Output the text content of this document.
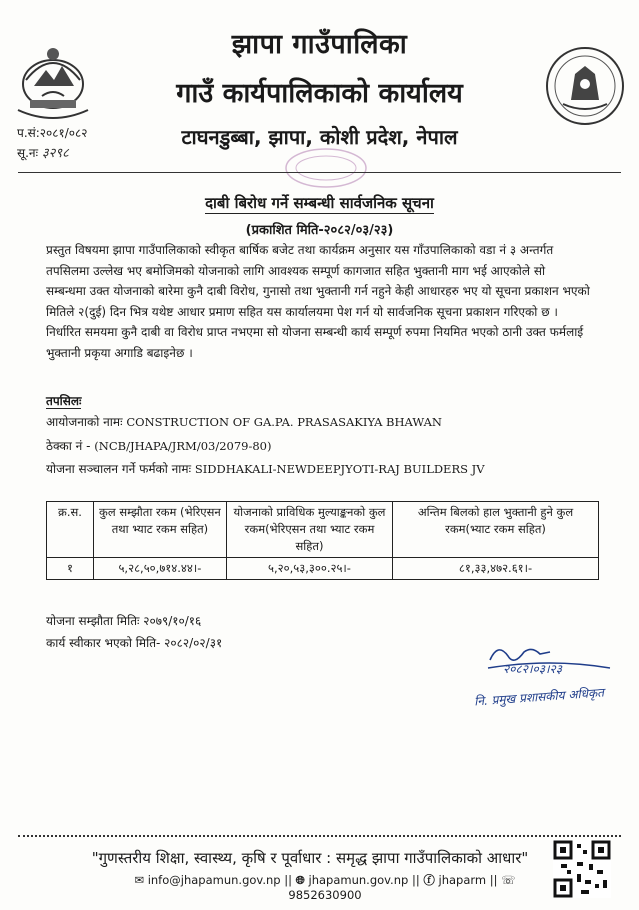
झापा गाउँपालिका
गाउँ कार्यपालिकाको कार्यालय
टाघनडुब्बा, झापा, कोशी प्रदेश, नेपाल
प.सं:२०८१/०८२
सू.नः ३२९८
दाबी बिरोध गर्ने सम्बन्धी सार्वजनिक सूचना
(प्रकाशित मिति-२०८२/०३/२३)
प्रस्तुत विषयमा झापा गाउँपालिकाको स्वीकृत बार्षिक बजेट तथा कार्यक्रम अनुसार यस गाँउपालिकाको वडा नं ३ अन्तर्गत
तपसिलमा उल्लेख भए बमोजिमको योजनाको लागि आवश्यक सम्पूर्ण कागजात सहित भुक्तानी माग भई आएकोले सो
सम्बन्धमा उक्त योजनाको बारेमा कुनै दाबी विरोध, गुनासो तथा भुक्तानी गर्न नहुने केही आधारहरु भए यो सूचना प्रकाशन भएको
मितिले २(दुई) दिन भित्र यथेष्ट आधार प्रमाण सहित यस कार्यालयमा पेश गर्न यो सार्वजनिक सूचना प्रकाशन गरिएको छ ।
निर्धारित समयमा कुनै दाबी वा विरोध प्राप्त नभएमा सो योजना सम्बन्धी कार्य सम्पूर्ण रुपमा नियमित भएको ठानी उक्त फर्मलाई
भुक्तानी प्रकृया अगाडि बढाइनेछ ।
तपसिलः
आयोजनाको नामः CONSTRUCTION OF GA.PA. PRASASAKIYA BHAWAN
ठेक्का नं - (NCB/JHAPA/JRM/03/2079-80)
योजना सञ्चालन गर्ने फर्मको नामः SIDDHAKALI-NEWDEEPJYOTI-RAJ BUILDERS JV
क्र.स.	कुल सम्झौता रकम (भेरिएसन तथा भ्याट रकम सहित)	योजनाको प्राविधिक मुल्याङ्कनको कुल रकम(भेरिएसन तथा भ्याट रकम सहित)	अन्तिम बिलको हाल भुक्तानी हुने कुल रकम(भ्याट रकम सहित)
१	५,२८,५०,७१४.४४।-	५,२०,५३,३००.२५।-	८१,३३,४७२.६१।-
योजना सम्झौता मितिः २०७९/१०/१६
कार्य स्वीकार भएको मिति- २०८२/०२/३१
२०८२।०३।२३
नि. प्रमुख प्रशासकीय अधिकृत
"गुणस्तरीय शिक्षा, स्वास्थ्य, कृषि र पूर्वाधार : समृद्ध झापा गाउँपालिकाको आधार"
✉ info@jhapamun.gov.np || 🌐︎ jhapamun.gov.np || ⓕ jhaparm || ☏ 9852630900
